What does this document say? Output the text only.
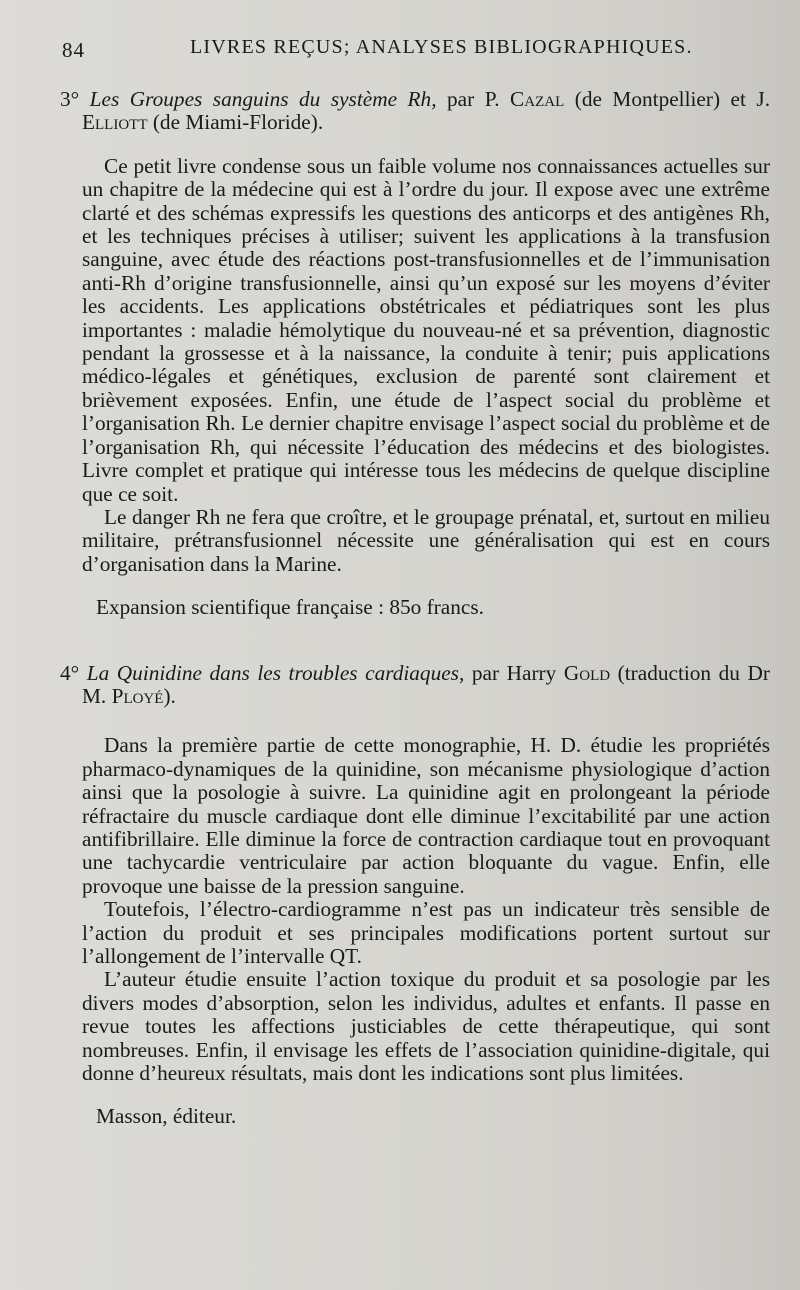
84	LIVRES REÇUS; ANALYSES BIBLIOGRAPHIQUES.

3° Les Groupes sanguins du système Rh, par P. Cazal (de Montpellier) et J. Elliott (de Miami-Floride).

Ce petit livre condense sous un faible volume nos connaissances actuelles sur un chapitre de la médecine qui est à l’ordre du jour. Il expose avec une extrême clarté et des schémas expressifs les questions des anticorps et des antigènes Rh, et les techniques précises à utiliser; suivent les applications à la transfusion sanguine, avec étude des réactions post-transfusionnelles et de l’immunisation anti-Rh d’origine transfusionnelle, ainsi qu’un exposé sur les moyens d’éviter les accidents. Les applications obstétricales et pédiatriques sont les plus importantes : maladie hémolytique du nouveau-né et sa prévention, diagnostic pendant la grossesse et à la naissance, la conduite à tenir; puis applications médico-légales et génétiques, exclusion de parenté sont clairement et brièvement exposées. Enfin, une étude de l’aspect social du problème et l’organisation Rh. Le dernier chapitre envisage l’aspect social du problème et de l’organisation Rh, qui nécessite l’éducation des médecins et des biologistes. Livre complet et pratique qui intéresse tous les médecins de quelque discipline que ce soit.

Le danger Rh ne fera que croître, et le groupage prénatal, et, surtout en milieu militaire, prétransfusionnel nécessite une généralisation qui est en cours d’organisation dans la Marine.

Expansion scientifique française : 85o francs.

4° La Quinidine dans les troubles cardiaques, par Harry Gold (traduction du Dr M. Ployé).

Dans la première partie de cette monographie, H. D. étudie les propriétés pharmaco-dynamiques de la quinidine, son mécanisme physiologique d’action ainsi que la posologie à suivre. La quinidine agit en prolongeant la période réfractaire du muscle cardiaque dont elle diminue l’excitabilité par une action antifibrillaire. Elle diminue la force de contraction cardiaque tout en provoquant une tachycardie ventriculaire par action bloquante du vague. Enfin, elle provoque une baisse de la pression sanguine.

Toutefois, l’électro-cardiogramme n’est pas un indicateur très sensible de l’action du produit et ses principales modifications portent surtout sur l’allongement de l’intervalle QT.

L’auteur étudie ensuite l’action toxique du produit et sa posologie par les divers modes d’absorption, selon les individus, adultes et enfants. Il passe en revue toutes les affections justiciables de cette thérapeutique, qui sont nombreuses. Enfin, il envisage les effets de l’association quinidine-digitale, qui donne d’heureux résultats, mais dont les indications sont plus limitées.

Masson, éditeur.
